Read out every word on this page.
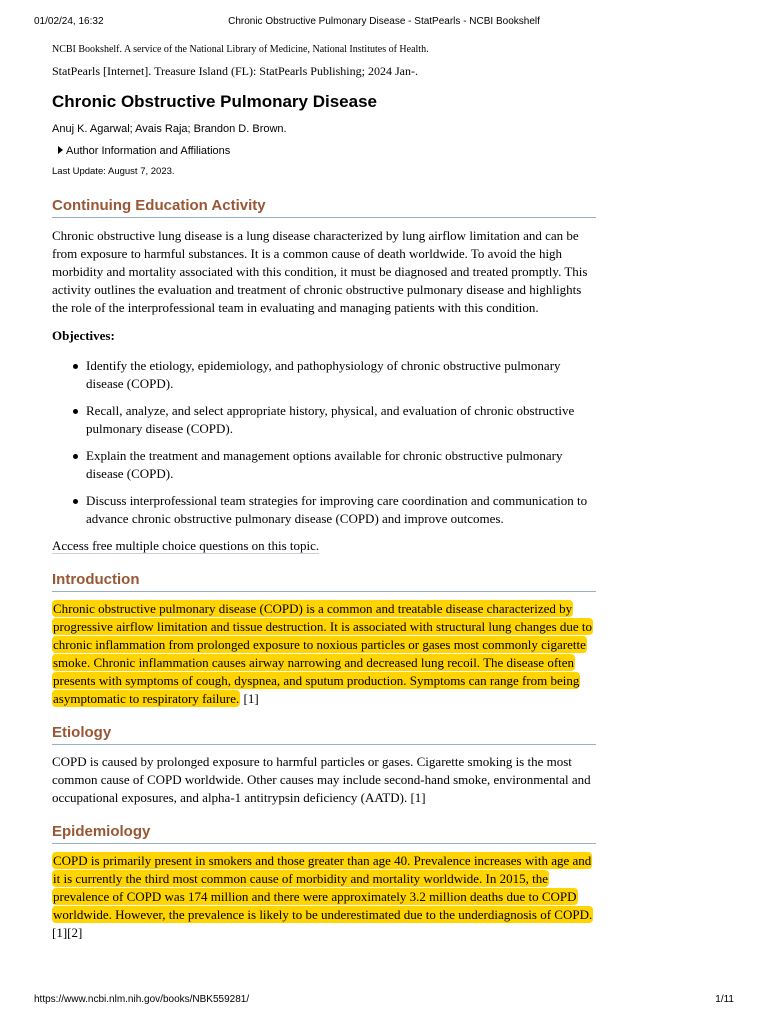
01/02/24, 16:32	Chronic Obstructive Pulmonary Disease - StatPearls - NCBI Bookshelf
NCBI Bookshelf. A service of the National Library of Medicine, National Institutes of Health.
StatPearls [Internet]. Treasure Island (FL): StatPearls Publishing; 2024 Jan-.
Chronic Obstructive Pulmonary Disease
Anuj K. Agarwal; Avais Raja; Brandon D. Brown.
Author Information and Affiliations
Last Update: August 7, 2023.
Continuing Education Activity

Chronic obstructive lung disease is a lung disease characterized by lung airflow limitation and can be from exposure to harmful substances. It is a common cause of death worldwide. To avoid the high morbidity and mortality associated with this condition, it must be diagnosed and treated promptly. This activity outlines the evaluation and treatment of chronic obstructive pulmonary disease and highlights the role of the interprofessional team in evaluating and managing patients with this condition.

Objectives:

Identify the etiology, epidemiology, and pathophysiology of chronic obstructive pulmonary disease (COPD).
Recall, analyze, and select appropriate history, physical, and evaluation of chronic obstructive pulmonary disease (COPD).
Explain the treatment and management options available for chronic obstructive pulmonary disease (COPD).
Discuss interprofessional team strategies for improving care coordination and communication to advance chronic obstructive pulmonary disease (COPD) and improve outcomes.

Access free multiple choice questions on this topic.

Introduction

Chronic obstructive pulmonary disease (COPD) is a common and treatable disease characterized by progressive airflow limitation and tissue destruction. It is associated with structural lung changes due to chronic inflammation from prolonged exposure to noxious particles or gases most commonly cigarette smoke. Chronic inflammation causes airway narrowing and decreased lung recoil. The disease often presents with symptoms of cough, dyspnea, and sputum production. Symptoms can range from being asymptomatic to respiratory failure. [1]

Etiology

COPD is caused by prolonged exposure to harmful particles or gases. Cigarette smoking is the most common cause of COPD worldwide. Other causes may include second-hand smoke, environmental and occupational exposures, and alpha-1 antitrypsin deficiency (AATD). [1]

Epidemiology

COPD is primarily present in smokers and those greater than age 40. Prevalence increases with age and it is currently the third most common cause of morbidity and mortality worldwide. In 2015, the prevalence of COPD was 174 million and there were approximately 3.2 million deaths due to COPD worldwide. However, the prevalence is likely to be underestimated due to the underdiagnosis of COPD. [1][2]

https://www.ncbi.nlm.nih.gov/books/NBK559281/	1/11
